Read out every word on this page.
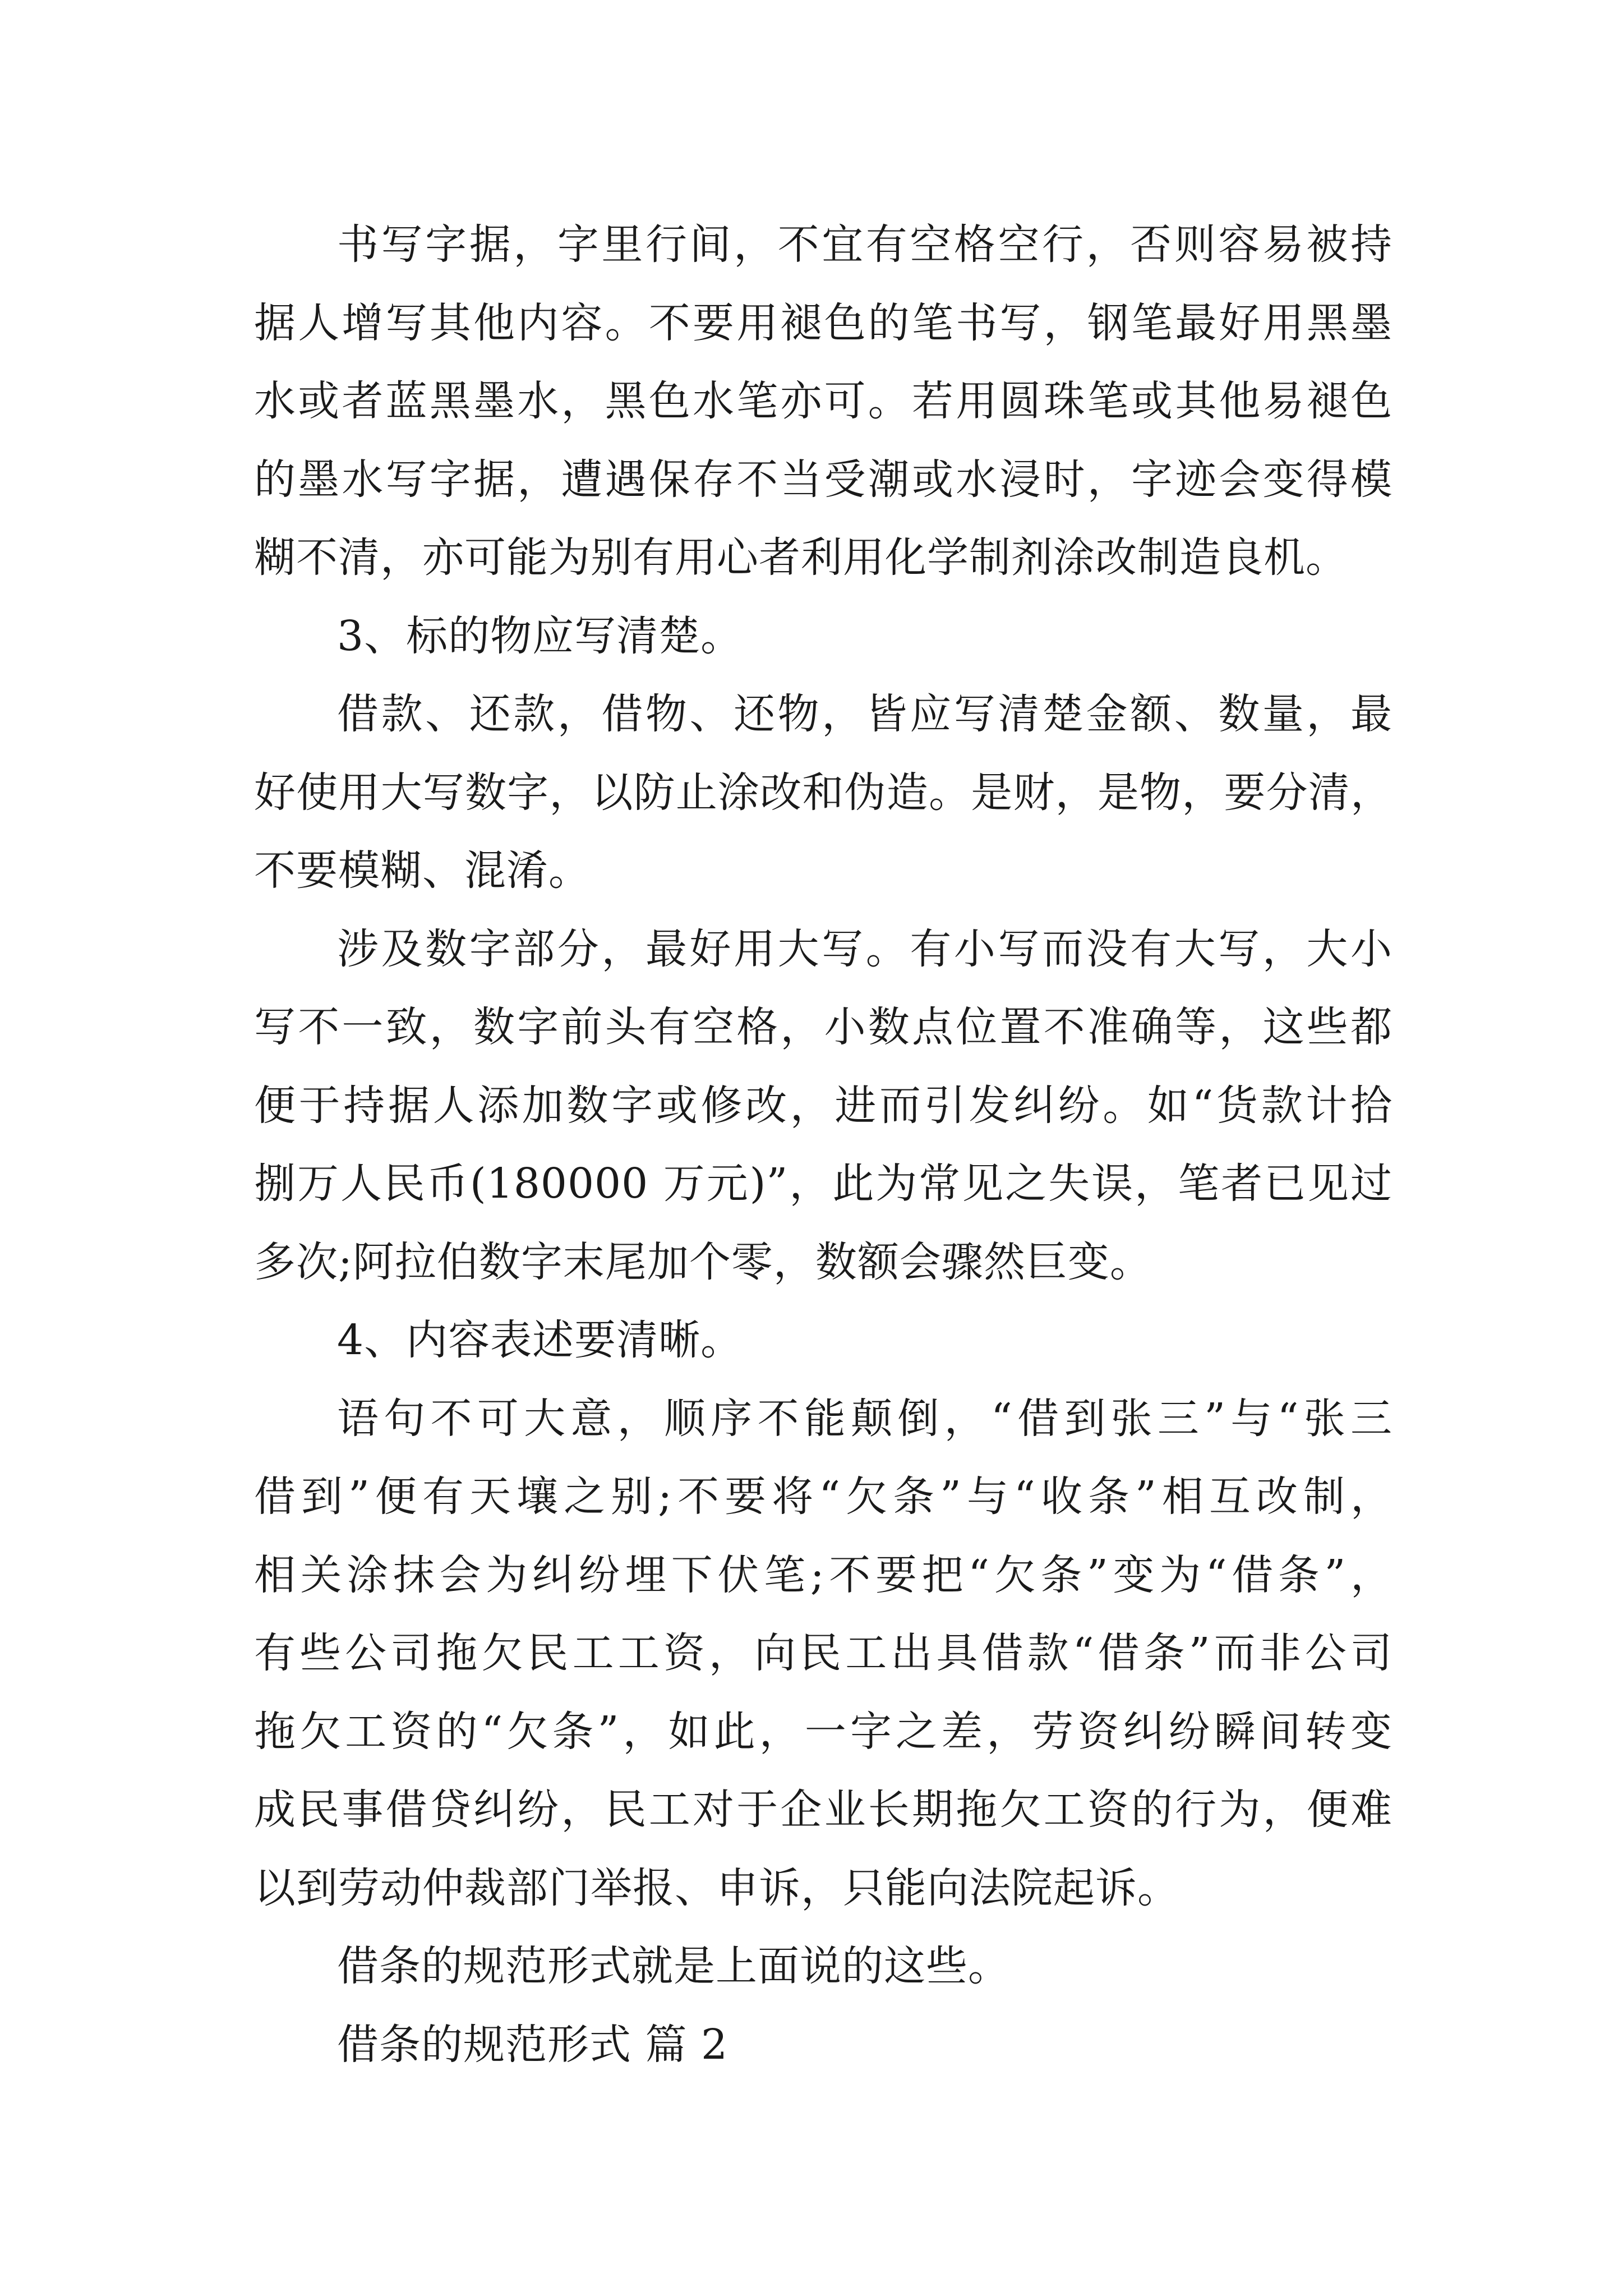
书写字据，字里行间，不宜有空格空行，否则容易被持
据人增写其他内容。不要用褪色的笔书写，钢笔最好用黑墨
水或者蓝黑墨水，黑色水笔亦可。若用圆珠笔或其他易褪色
的墨水写字据，遭遇保存不当受潮或水浸时，字迹会变得模
糊不清，亦可能为别有用心者利用化学制剂涂改制造良机。
3、标的物应写清楚。
借款、还款，借物、还物，皆应写清楚金额、数量，最
好使用大写数字，以防止涂改和伪造。是财，是物，要分清，
不要模糊、混淆。
涉及数字部分，最好用大写。有小写而没有大写，大小
写不一致，数字前头有空格，小数点位置不准确等，这些都
便于持据人添加数字或修改，进而引发纠纷。如“货款计拾
捌万人民币(180000 万元)”，此为常见之失误，笔者已见过
多次;阿拉伯数字末尾加个零，数额会骤然巨变。
4、内容表述要清晰。
语句不可大意，顺序不能颠倒，“借到张三”与“张三
借到”便有天壤之别;不要将“欠条”与“收条”相互改制，
相关涂抹会为纠纷埋下伏笔;不要把“欠条”变为“借条”，
有些公司拖欠民工工资，向民工出具借款“借条”而非公司
拖欠工资的“欠条”，如此，一字之差，劳资纠纷瞬间转变
成民事借贷纠纷，民工对于企业长期拖欠工资的行为，便难
以到劳动仲裁部门举报、申诉，只能向法院起诉。
借条的规范形式就是上面说的这些。
借条的规范形式 篇 2
